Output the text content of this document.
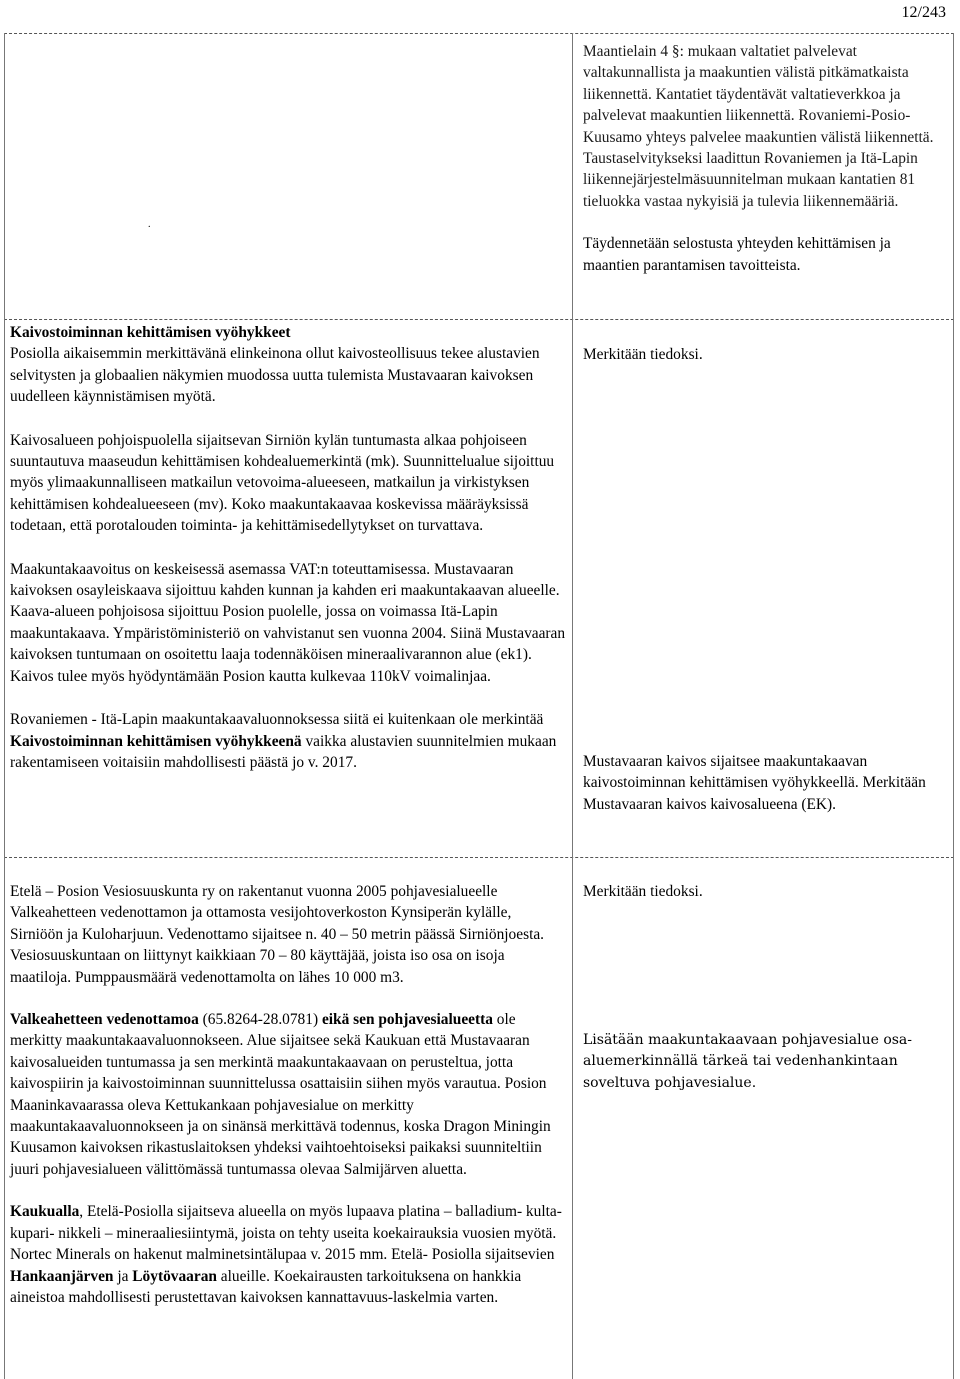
12/243
.

Maantielain 4 §: mukaan valtatiet palvelevat valtakunnallista ja maakuntien välistä pitkämatkaista liikennettä. Kantatiet täydentävät valtatieverkkoa ja palvelevat maakuntien liikennettä. Rovaniemi-Posio-Kuusamo yhteys palvelee maakuntien välistä liikennettä. Taustaselvitykseksi laadittun Rovaniemen ja Itä-Lapin liikennejärjestelmäsuunnitelman mukaan kantatien 81 tieluokka vastaa nykyisiä ja tulevia liikennemääriä.

Täydennetään selostusta yhteyden kehittämisen ja maantien parantamisen tavoitteista.

Kaivostoiminnan kehittämisen vyöhykkeet

Posiolla aikaisemmin merkittävänä elinkeinona ollut kaivosteollisuus tekee alustavien selvitysten ja globaalien näkymien muodossa uutta tulemista Mustavaaran kaivoksen uudelleen käynnistämisen myötä.

Kaivosalueen pohjoispuolella sijaitsevan Sirniön kylän tuntumasta alkaa pohjoiseen suuntautuva maaseudun kehittämisen kohdealuemerkintä (mk). Suunnittelualue sijoittuu myös ylimaakunnalliseen matkailun vetovoima-alueeseen, matkailun ja virkistyksen kehittämisen kohdealueeseen (mv). Koko maakuntakaavaa koskevissa määräyksissä todetaan, että porotalouden toiminta- ja kehittämisedellytykset on turvattava.

Maakuntakaavoitus on keskeisessä asemassa VAT:n toteuttamisessa. Mustavaaran kaivoksen osayleiskaava sijoittuu kahden kunnan ja kahden eri maakuntakaavan alueelle. Kaava-alueen pohjoisosa sijoittuu Posion puolelle, jossa on voimassa Itä-Lapin maakuntakaava. Ympäristöministeriö on vahvistanut sen vuonna 2004. Siinä Mustavaaran kaivoksen tuntumaan on osoitettu laaja todennäköisen mineraalivarannon alue (ek1). Kaivos tulee myös hyödyntämään Posion kautta kulkevaa 110kV voimalinjaa.

Rovaniemen - Itä-Lapin maakuntakaavaluonnoksessa siitä ei kuitenkaan ole merkintää Kaivostoiminnan kehittämisen vyöhykkeenä vaikka alustavien suunnitelmien mukaan rakentamiseen voitaisiin mahdollisesti päästä jo v. 2017.

Merkitään tiedoksi.
Mustavaaran kaivos sijaitsee maakuntakaavan kaivostoiminnan kehittämisen vyöhykkeellä. Merkitään Mustavaaran kaivos kaivosalueena (EK).

Etelä – Posion Vesiosuuskunta ry on rakentanut vuonna 2005 pohjavesialueelle Valkeahetteen vedenottamon ja ottamosta vesijohtoverkoston Kynsiperän kylälle, Sirniöön ja Kuloharjuun. Vedenottamo sijaitsee n. 40 – 50 metrin päässä Sirniönjoesta. Vesiosuuskuntaan on liittynyt kaikkiaan 70 – 80 käyttäjää, joista iso osa on isoja maatiloja. Pumppausmäärä vedenottamolta on lähes 10 000 m3.

Valkeahetteen vedenottamoa (65.8264-28.0781) eikä sen pohjavesialueetta ole merkitty maakuntakaavaluonnokseen. Alue sijaitsee sekä Kaukuan että Mustavaaran kaivosalueiden tuntumassa ja sen merkintä maakuntakaavaan on perusteltua, jotta kaivospiirin ja kaivostoiminnan suunnittelussa osattaisiin siihen myös varautua. Posion Maaninkavaarassa oleva Kettukankaan pohjavesialue on merkitty maakuntakaavaluonnokseen ja on sinänsä merkittävä todennus, koska Dragon Miningin Kuusamon kaivoksen rikastuslaitoksen yhdeksi vaihtoehtoiseksi paikaksi suunniteltiin juuri pohjavesialueen välittömässä tuntumassa olevaa Salmijärven aluetta.

Kaukualla, Etelä-Posiolla sijaitseva alueella on myös lupaava platina – balladium- kulta- kupari- nikkeli – mineraaliesiintymä, joista on tehty useita koekairauksia vuosien myötä. Nortec Minerals on hakenut malminetsintälupaa v. 2015 mm. Etelä- Posiolla sijaitsevien Hankaanjärven ja Löytövaaran alueille. Koekairausten tarkoituksena on hankkia aineistoa mahdollisesti perustettavan kaivoksen kannattavuus-laskelmia varten.

Merkitään tiedoksi.
Lisätään maakuntakaavaan pohjavesialue osa-aluemerkinnällä tärkeä tai vedenhankintaan soveltuva pohjavesialue.
